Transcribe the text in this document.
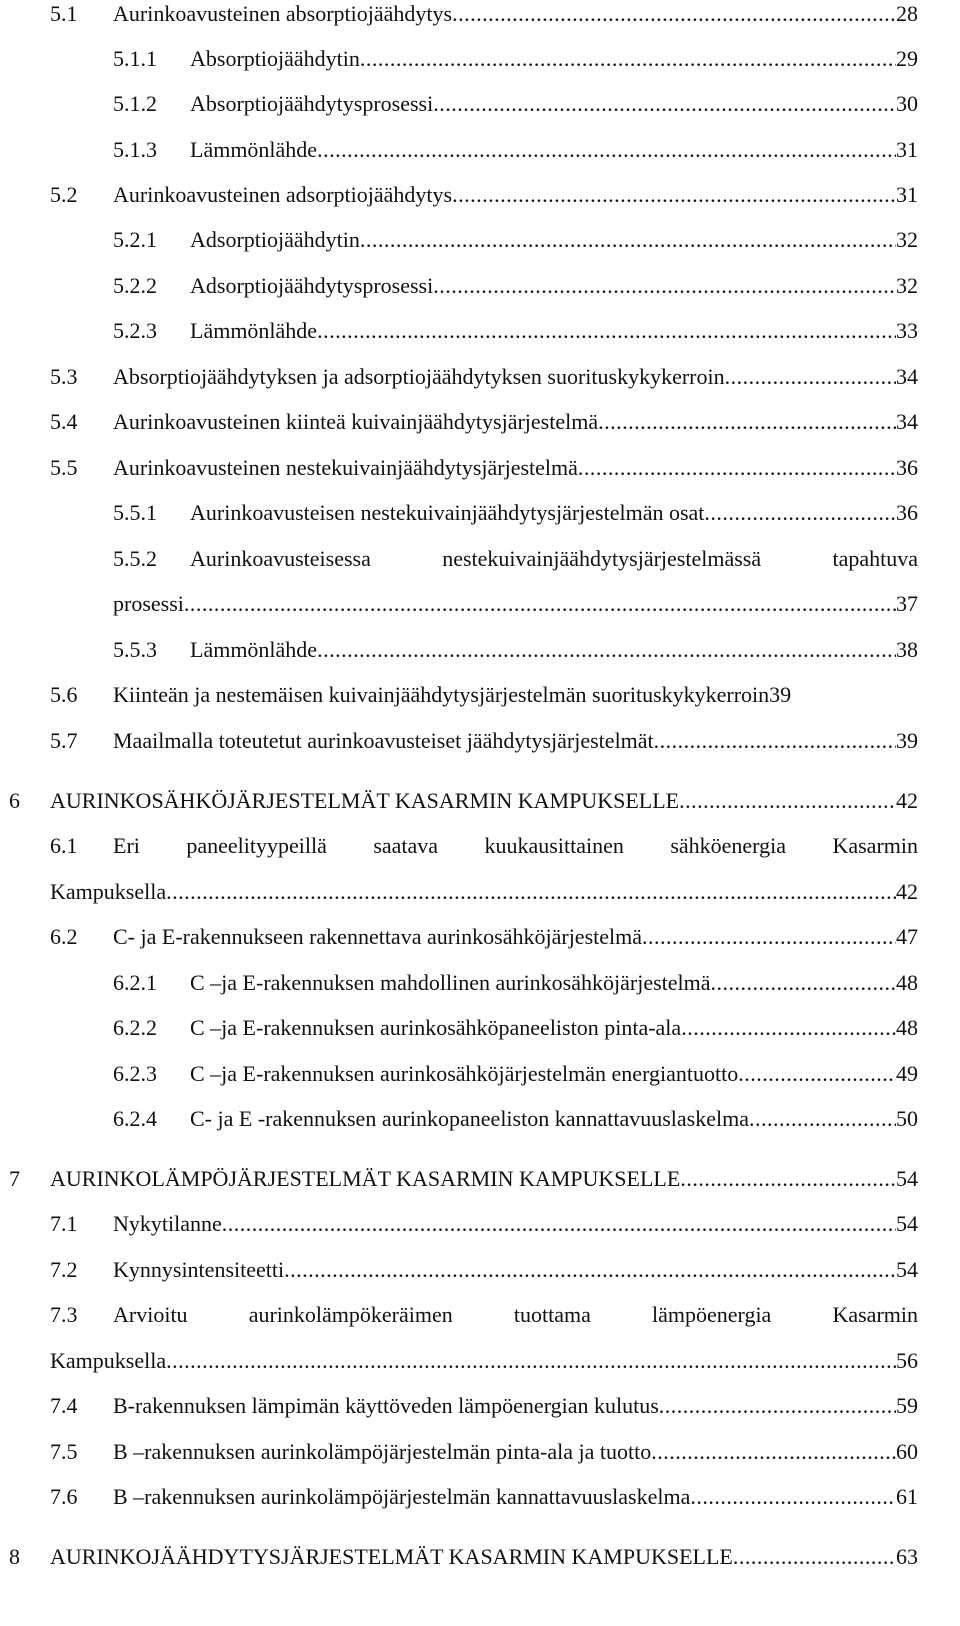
5.1 Aurinkoavusteinen absorptiojäähdytys .....	28
5.1.1 Absorptiojäähdytin .....	29
5.1.2 Absorptiojäähdytysprosessi .....	30
5.1.3 Lämmönlähde .....	31
5.2 Aurinkoavusteinen adsorptiojäähdytys .....	31
5.2.1 Adsorptiojäähdytin .....	32
5.2.2 Adsorptiojäähdytysprosessi .....	32
5.2.3 Lämmönlähde .....	33
5.3 Absorptiojäähdytyksen ja adsorptiojäähdytyksen suorituskykykerroin .....	34
5.4 Aurinkoavusteinen kiinteä kuivainjäähdytysjärjestelmä .....	34
5.5 Aurinkoavusteinen nestekuivainjäähdytysjärjestelmä .....	36
5.5.1 Aurinkoavusteisen nestekuivainjäähdytysjärjestelmän osat .....	36
5.5.2 Aurinkoavusteisessa nestekuivainjäähdytysjärjestelmässä tapahtuva
prosessi .....	37
5.5.3 Lämmönlähde .....	38
5.6 Kiinteän ja nestemäisen kuivainjäähdytysjärjestelmän suorituskykykerroin39
5.7 Maailmalla toteutetut aurinkoavusteiset jäähdytysjärjestelmät .....	39
6 AURINKOSÄHKÖJÄRJESTELMÄT KASARMIN KAMPUKSELLE .....	42
6.1 Eri paneelityypeillä saatava kuukausittainen sähköenergia Kasarmin
Kampuksella .....	42
6.2 C- ja E-rakennukseen rakennettava aurinkosähköjärjestelmä .....	47
6.2.1 C –ja E-rakennuksen mahdollinen aurinkosähköjärjestelmä .....	48
6.2.2 C –ja E-rakennuksen aurinkosähköpaneeliston pinta-ala .....	48
6.2.3 C –ja E-rakennuksen aurinkosähköjärjestelmän energiantuotto .....	49
6.2.4 C- ja E -rakennuksen aurinkopaneeliston kannattavuuslaskelma .....	50
7 AURINKOLÄMPÖJÄRJESTELMÄT KASARMIN KAMPUKSELLE .....	54
7.1 Nykytilanne .....	54
7.2 Kynnysintensiteetti .....	54
7.3 Arvioitu aurinkolämpökeräimen tuottama lämpöenergia Kasarmin
Kampuksella .....	56
7.4 B-rakennuksen lämpimän käyttöveden lämpöenergian kulutus .....	59
7.5 B –rakennuksen aurinkolämpöjärjestelmän pinta-ala ja tuotto .....	60
7.6 B –rakennuksen aurinkolämpöjärjestelmän kannattavuuslaskelma .....	61
8 AURINKOJÄÄHDYTYSJÄRJESTELMÄT KASARMIN KAMPUKSELLE .....	63
